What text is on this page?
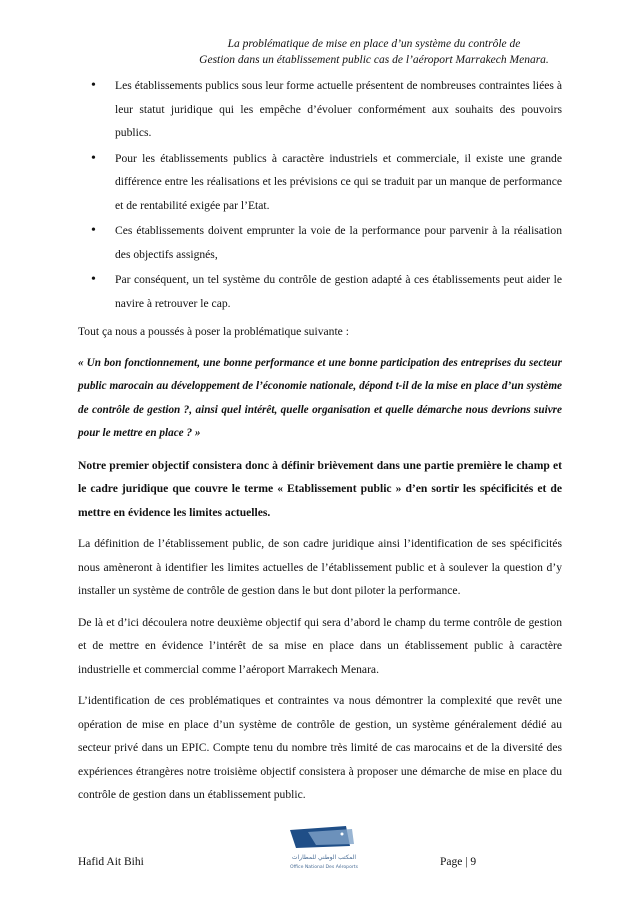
La problématique de mise en place d’un système du contrôle de
Gestion dans un établissement public cas de l’aéroport Marrakech Menara.
• Les établissements publics sous leur forme actuelle présentent de nombreuses contraintes liées à leur statut juridique qui les empêche d’évoluer conformément aux souhaits des pouvoirs publics.
• Pour les établissements publics à caractère industriels et commerciale, il existe une grande différence entre les réalisations et les prévisions ce qui se traduit par un manque de performance et de rentabilité exigée par l’Etat.
• Ces établissements doivent emprunter la voie de la performance pour parvenir à la réalisation des objectifs assignés,
• Par conséquent, un tel système du contrôle de gestion adapté à ces établissements peut aider le navire à retrouver le cap.

Tout ça nous a poussés à poser la problématique suivante :

« Un bon fonctionnement, une bonne performance et une bonne participation des entreprises du secteur public marocain au développement de l’économie nationale, dépond t-il de la mise en place d’un système de contrôle de gestion ?, ainsi quel intérêt, quelle organisation et quelle démarche nous devrions suivre pour le mettre en place ? »

Notre premier objectif consistera donc à définir brièvement dans une partie première le champ et le cadre juridique que couvre le terme « Etablissement public » d’en sortir les spécificités et de mettre en évidence les limites actuelles.

La définition de l’établissement public, de son cadre juridique ainsi l’identification de ses spécificités nous amèneront à identifier les limites actuelles de l’établissement public et à soulever la question d’y installer un système de contrôle de gestion dans le but dont piloter la performance.

De là et d’ici découlera notre deuxième objectif qui sera d’abord le champ du terme contrôle de gestion et de mettre en évidence l’intérêt de sa mise en place dans un établissement public à caractère industrielle et commercial comme l’aéroport Marrakech Menara.

L’identification de ces problématiques et contraintes va nous démontrer la complexité que revêt une opération de mise en place d’un système de contrôle de gestion, un système généralement dédié au secteur privé dans un EPIC. Compte tenu du nombre très limité de cas marocains et de la diversité des expériences étrangères notre troisième objectif consistera à proposer une démarche de mise en place du contrôle de gestion dans un établissement public.

المكتب الوطني للمطارات
Office National Des Aéroports
Hafid Ait Bihi	Page | 9
